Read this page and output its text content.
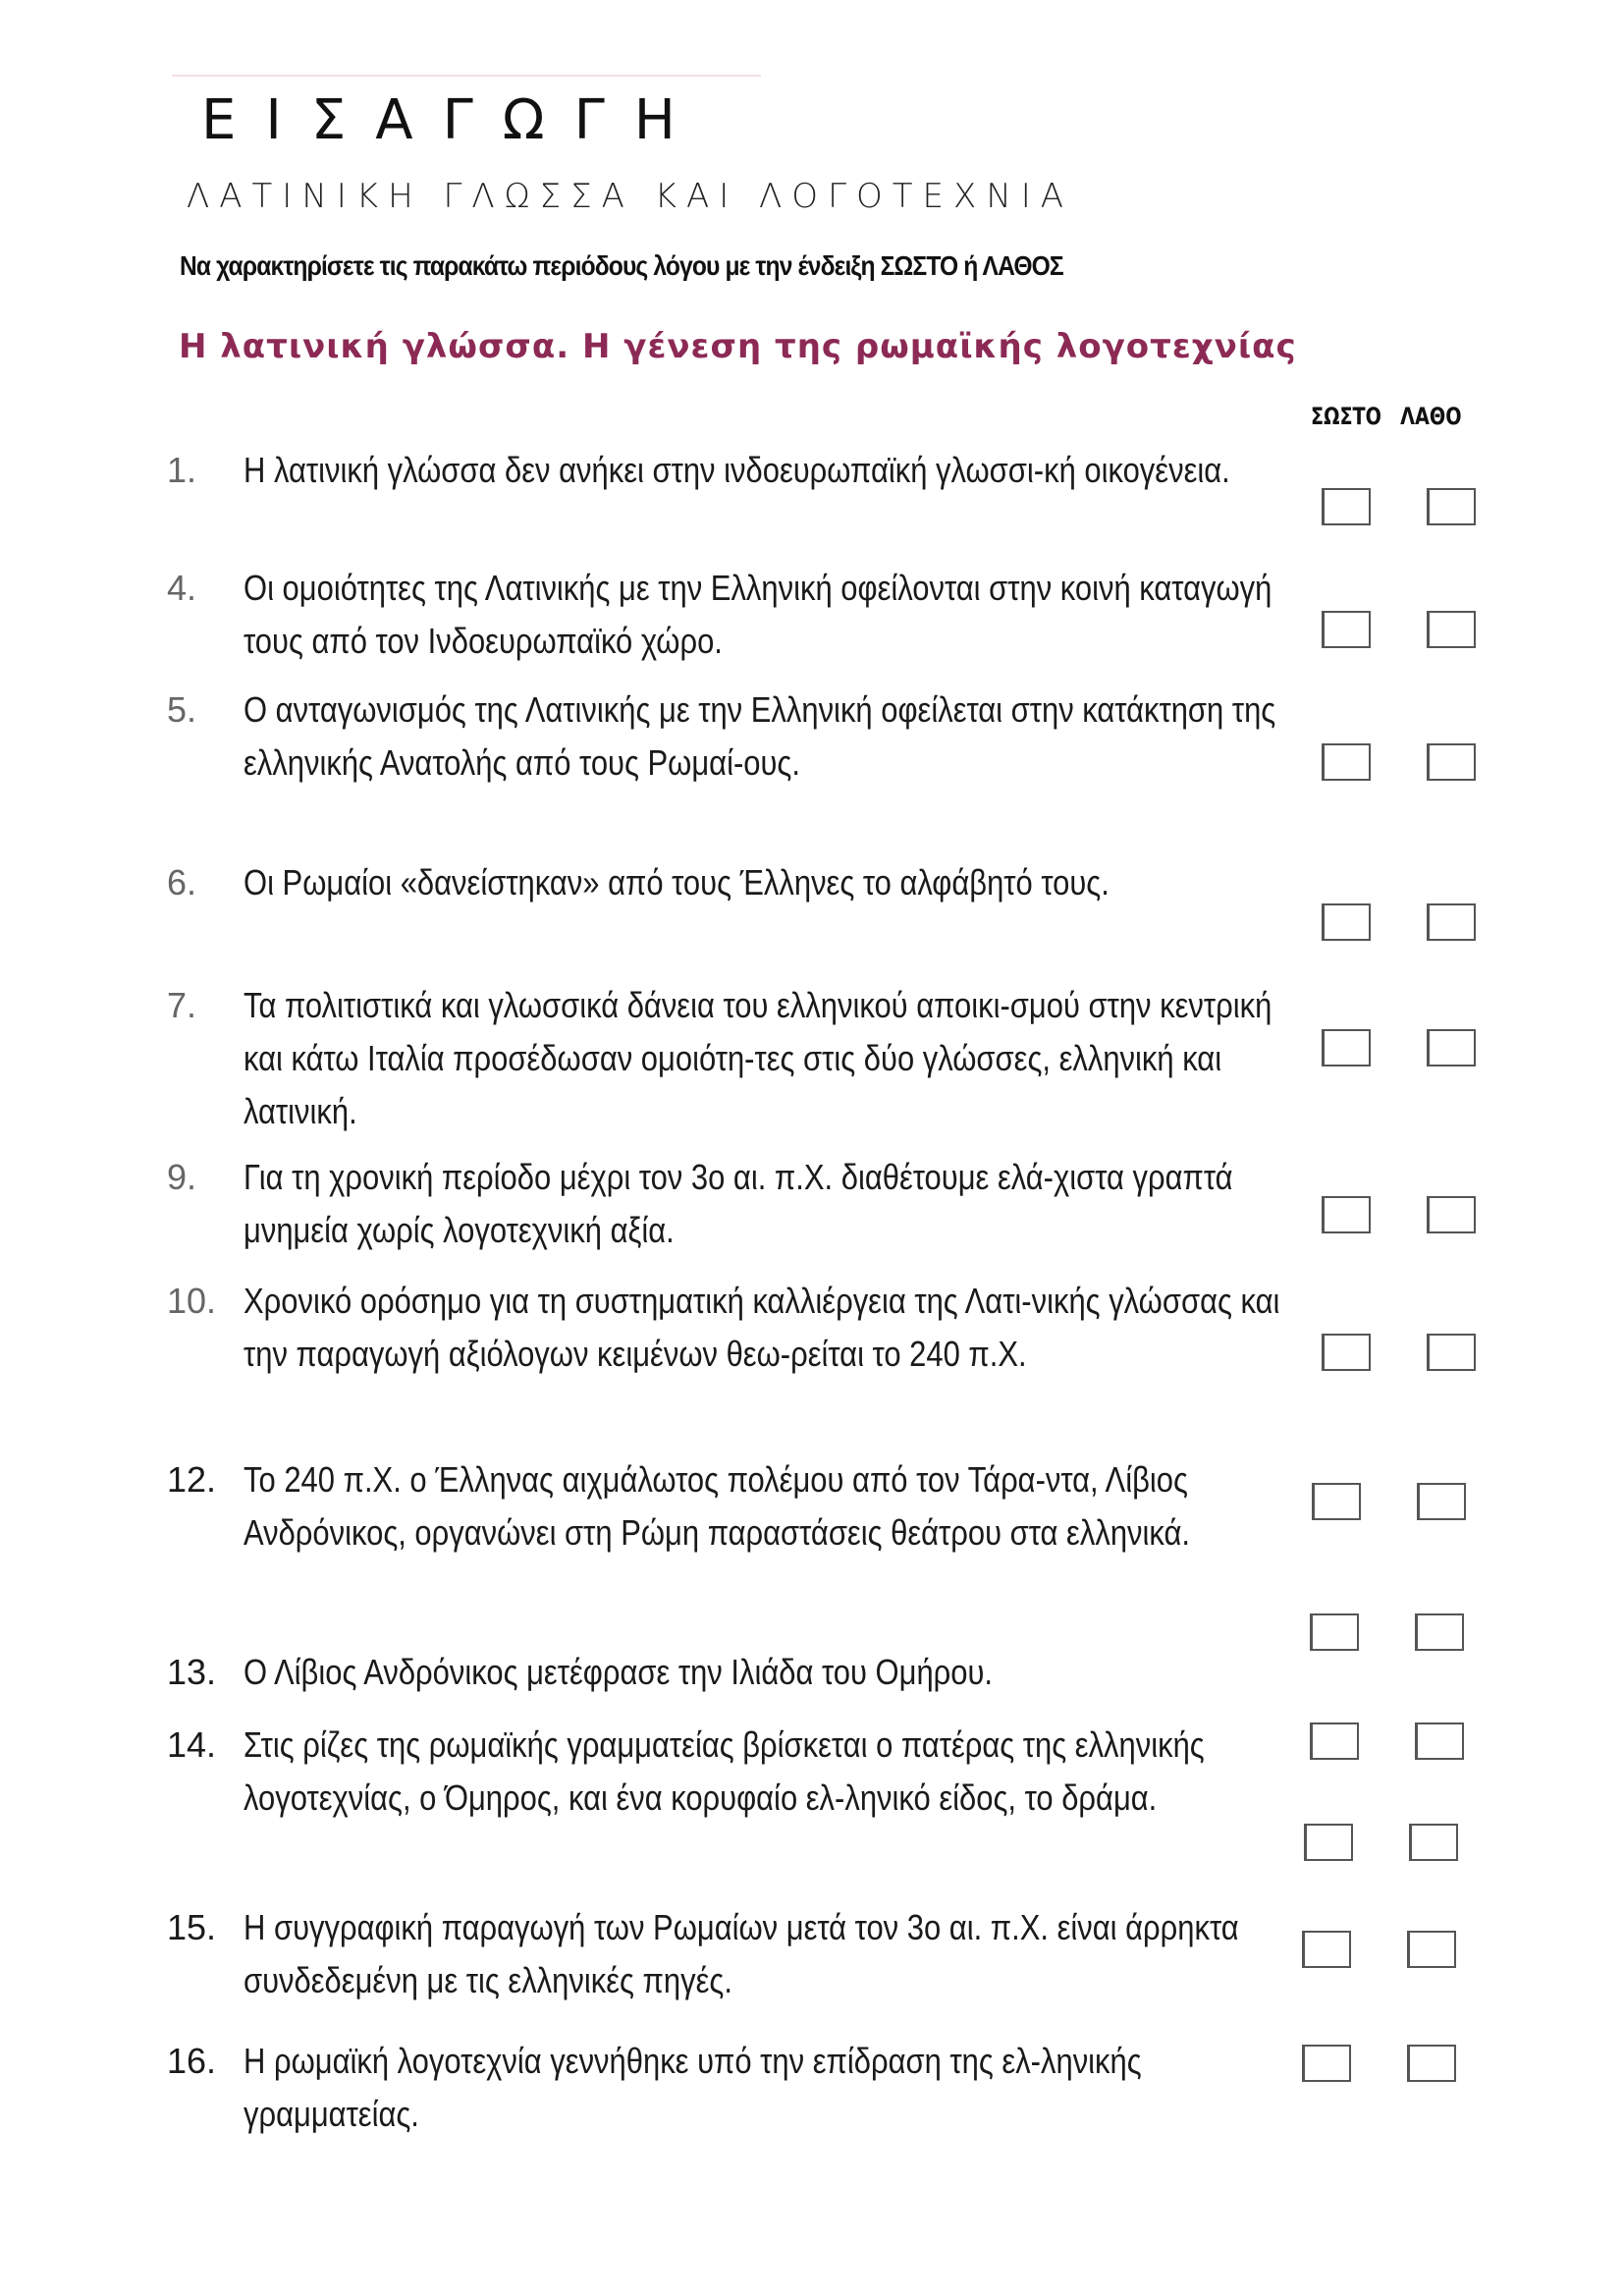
ΕΙΣΑΓΩΓΗ
ΛΑΤΙΝΙΚΗ ΓΛΩΣΣΑ ΚΑΙ ΛΟΓΟΤΕΧΝΙΑ
Να χαρακτηρίσετε τις παρακάτω περιόδους λόγου με την ένδειξη ΣΩΣΤΟ ή ΛΑΘΟΣ
Η λατινική γλώσσα. Η γένεση της ρωμαϊκής λογοτεχνίας
ΣΩΣΤΟ ΛΑΘΟ
1. Η λατινική γλώσσα δεν ανήκει στην ινδοευρωπαϊκή γλωσσι-κή οικογένεια.
4. Οι ομοιότητες της Λατινικής με την Ελληνική οφείλονται στην κοινή καταγωγή τους από τον Ινδοευρωπαϊκό χώρο.
5. Ο ανταγωνισμός της Λατινικής με την Ελληνική οφείλεται στην κατάκτηση της ελληνικής Ανατολής από τους Ρωμαί-ους.
6. Οι Ρωμαίοι «δανείστηκαν» από τους Έλληνες το αλφάβητό τους.
7. Τα πολιτιστικά και γλωσσικά δάνεια του ελληνικού αποικι-σμού στην κεντρική και κάτω Ιταλία προσέδωσαν ομοιότη-τες στις δύο γλώσσες, ελληνική και λατινική.
9. Για τη χρονική περίοδο μέχρι τον 3ο αι. π.Χ. διαθέτουμε ελά-χιστα γραπτά μνημεία χωρίς λογοτεχνική αξία.
10. Χρονικό ορόσημο για τη συστηματική καλλιέργεια της Λατι-νικής γλώσσας και την παραγωγή αξιόλογων κειμένων θεω-ρείται το 240 π.Χ.
12. Το 240 π.Χ. ο Έλληνας αιχμάλωτος πολέμου από τον Τάρα-ντα, Λίβιος Ανδρόνικος, οργανώνει στη Ρώμη παραστάσεις θεάτρου στα ελληνικά.
13. Ο Λίβιος Ανδρόνικος μετέφρασε την Ιλιάδα του Ομήρου.
14. Στις ρίζες της ρωμαϊκής γραμματείας βρίσκεται ο πατέρας της ελληνικής λογοτεχνίας, ο Όμηρος, και ένα κορυφαίο ελ-ληνικό είδος, το δράμα.
15. Η συγγραφική παραγωγή των Ρωμαίων μετά τον 3ο αι. π.Χ. είναι άρρηκτα συνδεδεμένη με τις ελληνικές πηγές.
16. Η ρωμαϊκή λογοτεχνία γεννήθηκε υπό την επίδραση της ελ-ληνικής γραμματείας.
